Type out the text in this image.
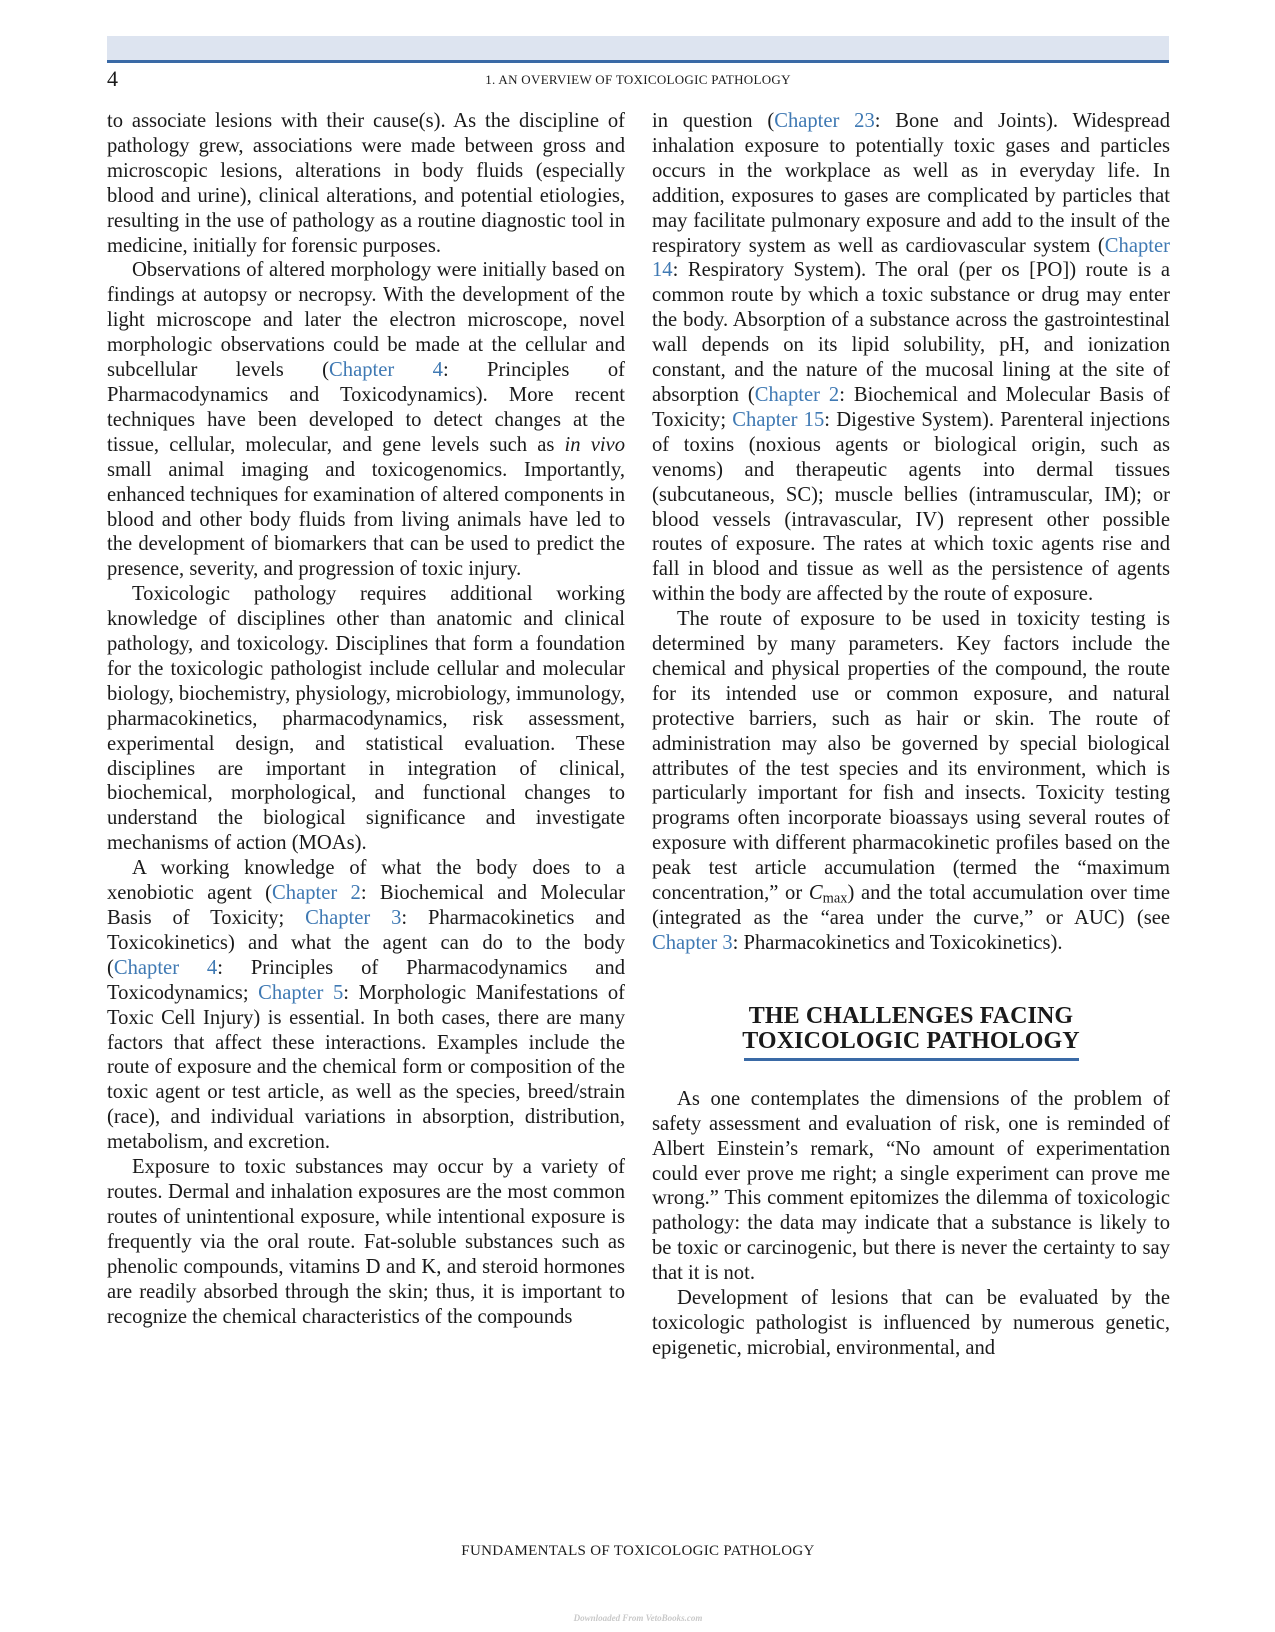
4	1. AN OVERVIEW OF TOXICOLOGIC PATHOLOGY

to associate lesions with their cause(s). As the discipline of pathology grew, associations were made between gross and microscopic lesions, alterations in body fluids (especially blood and urine), clinical alterations, and potential etiologies, resulting in the use of pathology as a routine diagnostic tool in medicine, initially for forensic purposes.

Observations of altered morphology were initially based on findings at autopsy or necropsy. With the development of the light microscope and later the electron microscope, novel morphologic observations could be made at the cellular and subcellular levels (Chapter 4: Principles of Pharmacodynamics and Toxicodynamics). More recent techniques have been developed to detect changes at the tissue, cellular, molecular, and gene levels such as in vivo small animal imaging and toxicogenomics. Importantly, enhanced techniques for examination of altered components in blood and other body fluids from living animals have led to the development of biomarkers that can be used to predict the presence, severity, and progression of toxic injury.

Toxicologic pathology requires additional working knowledge of disciplines other than anatomic and clinical pathology, and toxicology. Disciplines that form a foundation for the toxicologic pathologist include cellular and molecular biology, biochemistry, physiology, microbiology, immunology, pharmacokinetics, pharmacodynamics, risk assessment, experimental design, and statistical evaluation. These disciplines are important in integration of clinical, biochemical, morphological, and functional changes to understand the biological significance and investigate mechanisms of action (MOAs).

A working knowledge of what the body does to a xenobiotic agent (Chapter 2: Biochemical and Molecular Basis of Toxicity; Chapter 3: Pharmacokinetics and Toxicokinetics) and what the agent can do to the body (Chapter 4: Principles of Pharmacodynamics and Toxicodynamics; Chapter 5: Morphologic Manifestations of Toxic Cell Injury) is essential. In both cases, there are many factors that affect these interactions. Examples include the route of exposure and the chemical form or composition of the toxic agent or test article, as well as the species, breed/strain (race), and individual variations in absorption, distribution, metabolism, and excretion.

Exposure to toxic substances may occur by a variety of routes. Dermal and inhalation exposures are the most common routes of unintentional exposure, while intentional exposure is frequently via the oral route. Fat-soluble substances such as phenolic compounds, vitamins D and K, and steroid hormones are readily absorbed through the skin; thus, it is important to recognize the chemical characteristics of the compounds

in question (Chapter 23: Bone and Joints). Widespread inhalation exposure to potentially toxic gases and particles occurs in the workplace as well as in everyday life. In addition, exposures to gases are complicated by particles that may facilitate pulmonary exposure and add to the insult of the respiratory system as well as cardiovascular system (Chapter 14: Respiratory System). The oral (per os [PO]) route is a common route by which a toxic substance or drug may enter the body. Absorption of a substance across the gastrointestinal wall depends on its lipid solubility, pH, and ionization constant, and the nature of the mucosal lining at the site of absorption (Chapter 2: Biochemical and Molecular Basis of Toxicity; Chapter 15: Digestive System). Parenteral injections of toxins (noxious agents or biological origin, such as venoms) and therapeutic agents into dermal tissues (subcutaneous, SC); muscle bellies (intramuscular, IM); or blood vessels (intravascular, IV) represent other possible routes of exposure. The rates at which toxic agents rise and fall in blood and tissue as well as the persistence of agents within the body are affected by the route of exposure.

The route of exposure to be used in toxicity testing is determined by many parameters. Key factors include the chemical and physical properties of the compound, the route for its intended use or common exposure, and natural protective barriers, such as hair or skin. The route of administration may also be governed by special biological attributes of the test species and its environment, which is particularly important for fish and insects. Toxicity testing programs often incorporate bioassays using several routes of exposure with different pharmacokinetic profiles based on the peak test article accumulation (termed the “maximum concentration,” or $C_{max}$) and the total accumulation over time (integrated as the “area under the curve,” or AUC) (see Chapter 3: Pharmacokinetics and Toxicokinetics).

THE CHALLENGES FACING
TOXICOLOGIC PATHOLOGY

As one contemplates the dimensions of the problem of safety assessment and evaluation of risk, one is reminded of Albert Einstein’s remark, “No amount of experimentation could ever prove me right; a single experiment can prove me wrong.” This comment epitomizes the dilemma of toxicologic pathology: the data may indicate that a substance is likely to be toxic or carcinogenic, but there is never the certainty to say that it is not.

Development of lesions that can be evaluated by the toxicologic pathologist is influenced by numerous genetic, epigenetic, microbial, environmental, and

FUNDAMENTALS OF TOXICOLOGIC PATHOLOGY
Downloaded From VetoBooks.com
